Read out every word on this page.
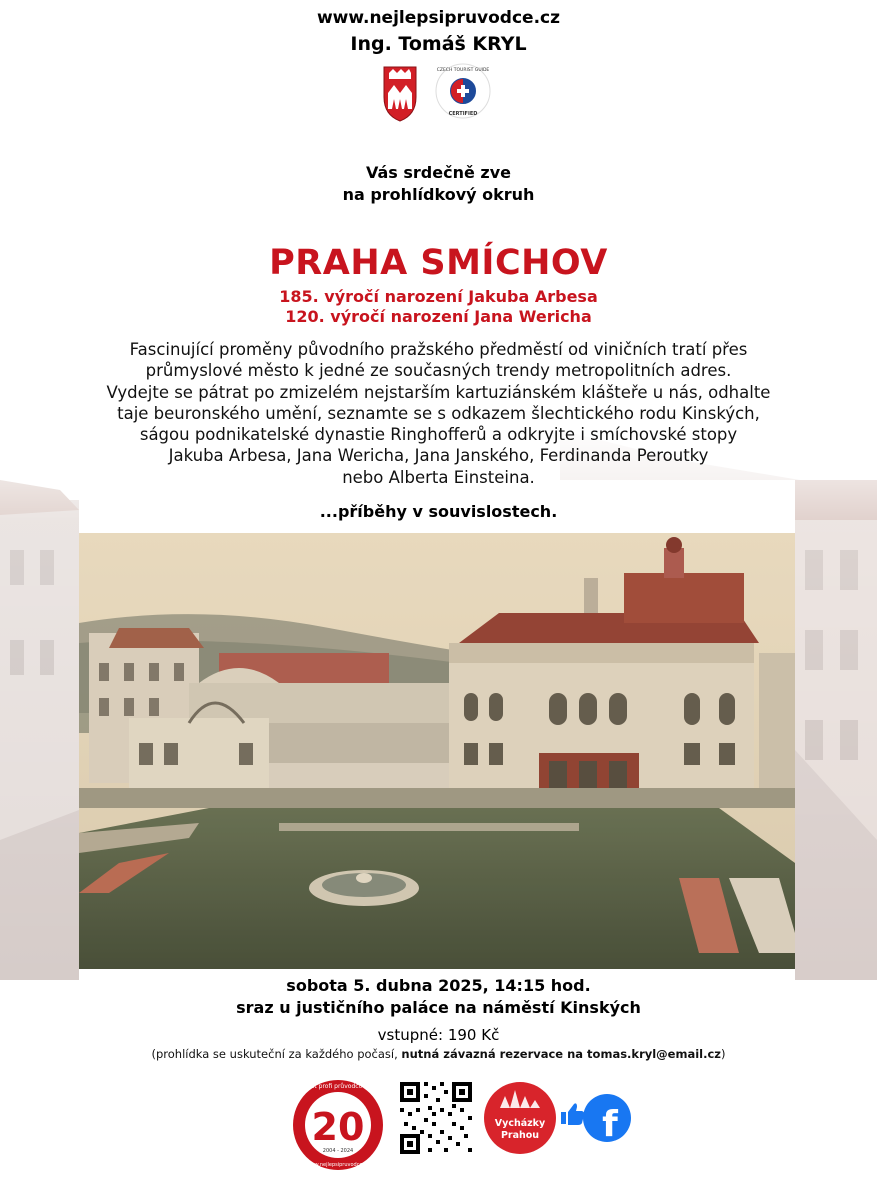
www.nejlepsipruvodce.cz
Ing. Tomáš KRYL
CERTIFIED
CZECH TOURIST GUIDE
Vás srdečně zve
na prohlídkový okruh
PRAHA SMÍCHOV
185. výročí narození Jakuba Arbesa
120. výročí narození Jana Wericha
Fascinující proměny původního pražského předměstí od viničních tratí přes
průmyslové město k jedné ze současných trendy metropolitních adres.
Vydejte se pátrat po zmizelém nejstarším kartuziánském klášteře u nás, odhalte
taje beuronského umění, seznamte se s odkazem šlechtického rodu Kinských,
ságou podnikatelské dynastie Ringhofferů a odkryjte i smíchovské stopy
Jakuba Arbesa, Jana Wericha, Jana Janského, Ferdinanda Peroutky
nebo Alberta Einsteina.
...příběhy v souvislostech.
sobota 5. dubna 2025, 14:15 hod.
sraz u justičního paláce na náměstí Kinských
vstupné: 190 Kč
(prohlídka se uskuteční za každého počasí, nutná závazná rezervace na tomas.kryl@email.cz)
20
20 let profi průvodcovství
2004 - 2024
www.nejlepsipruvodce.cz
Vycházky
Prahou f
